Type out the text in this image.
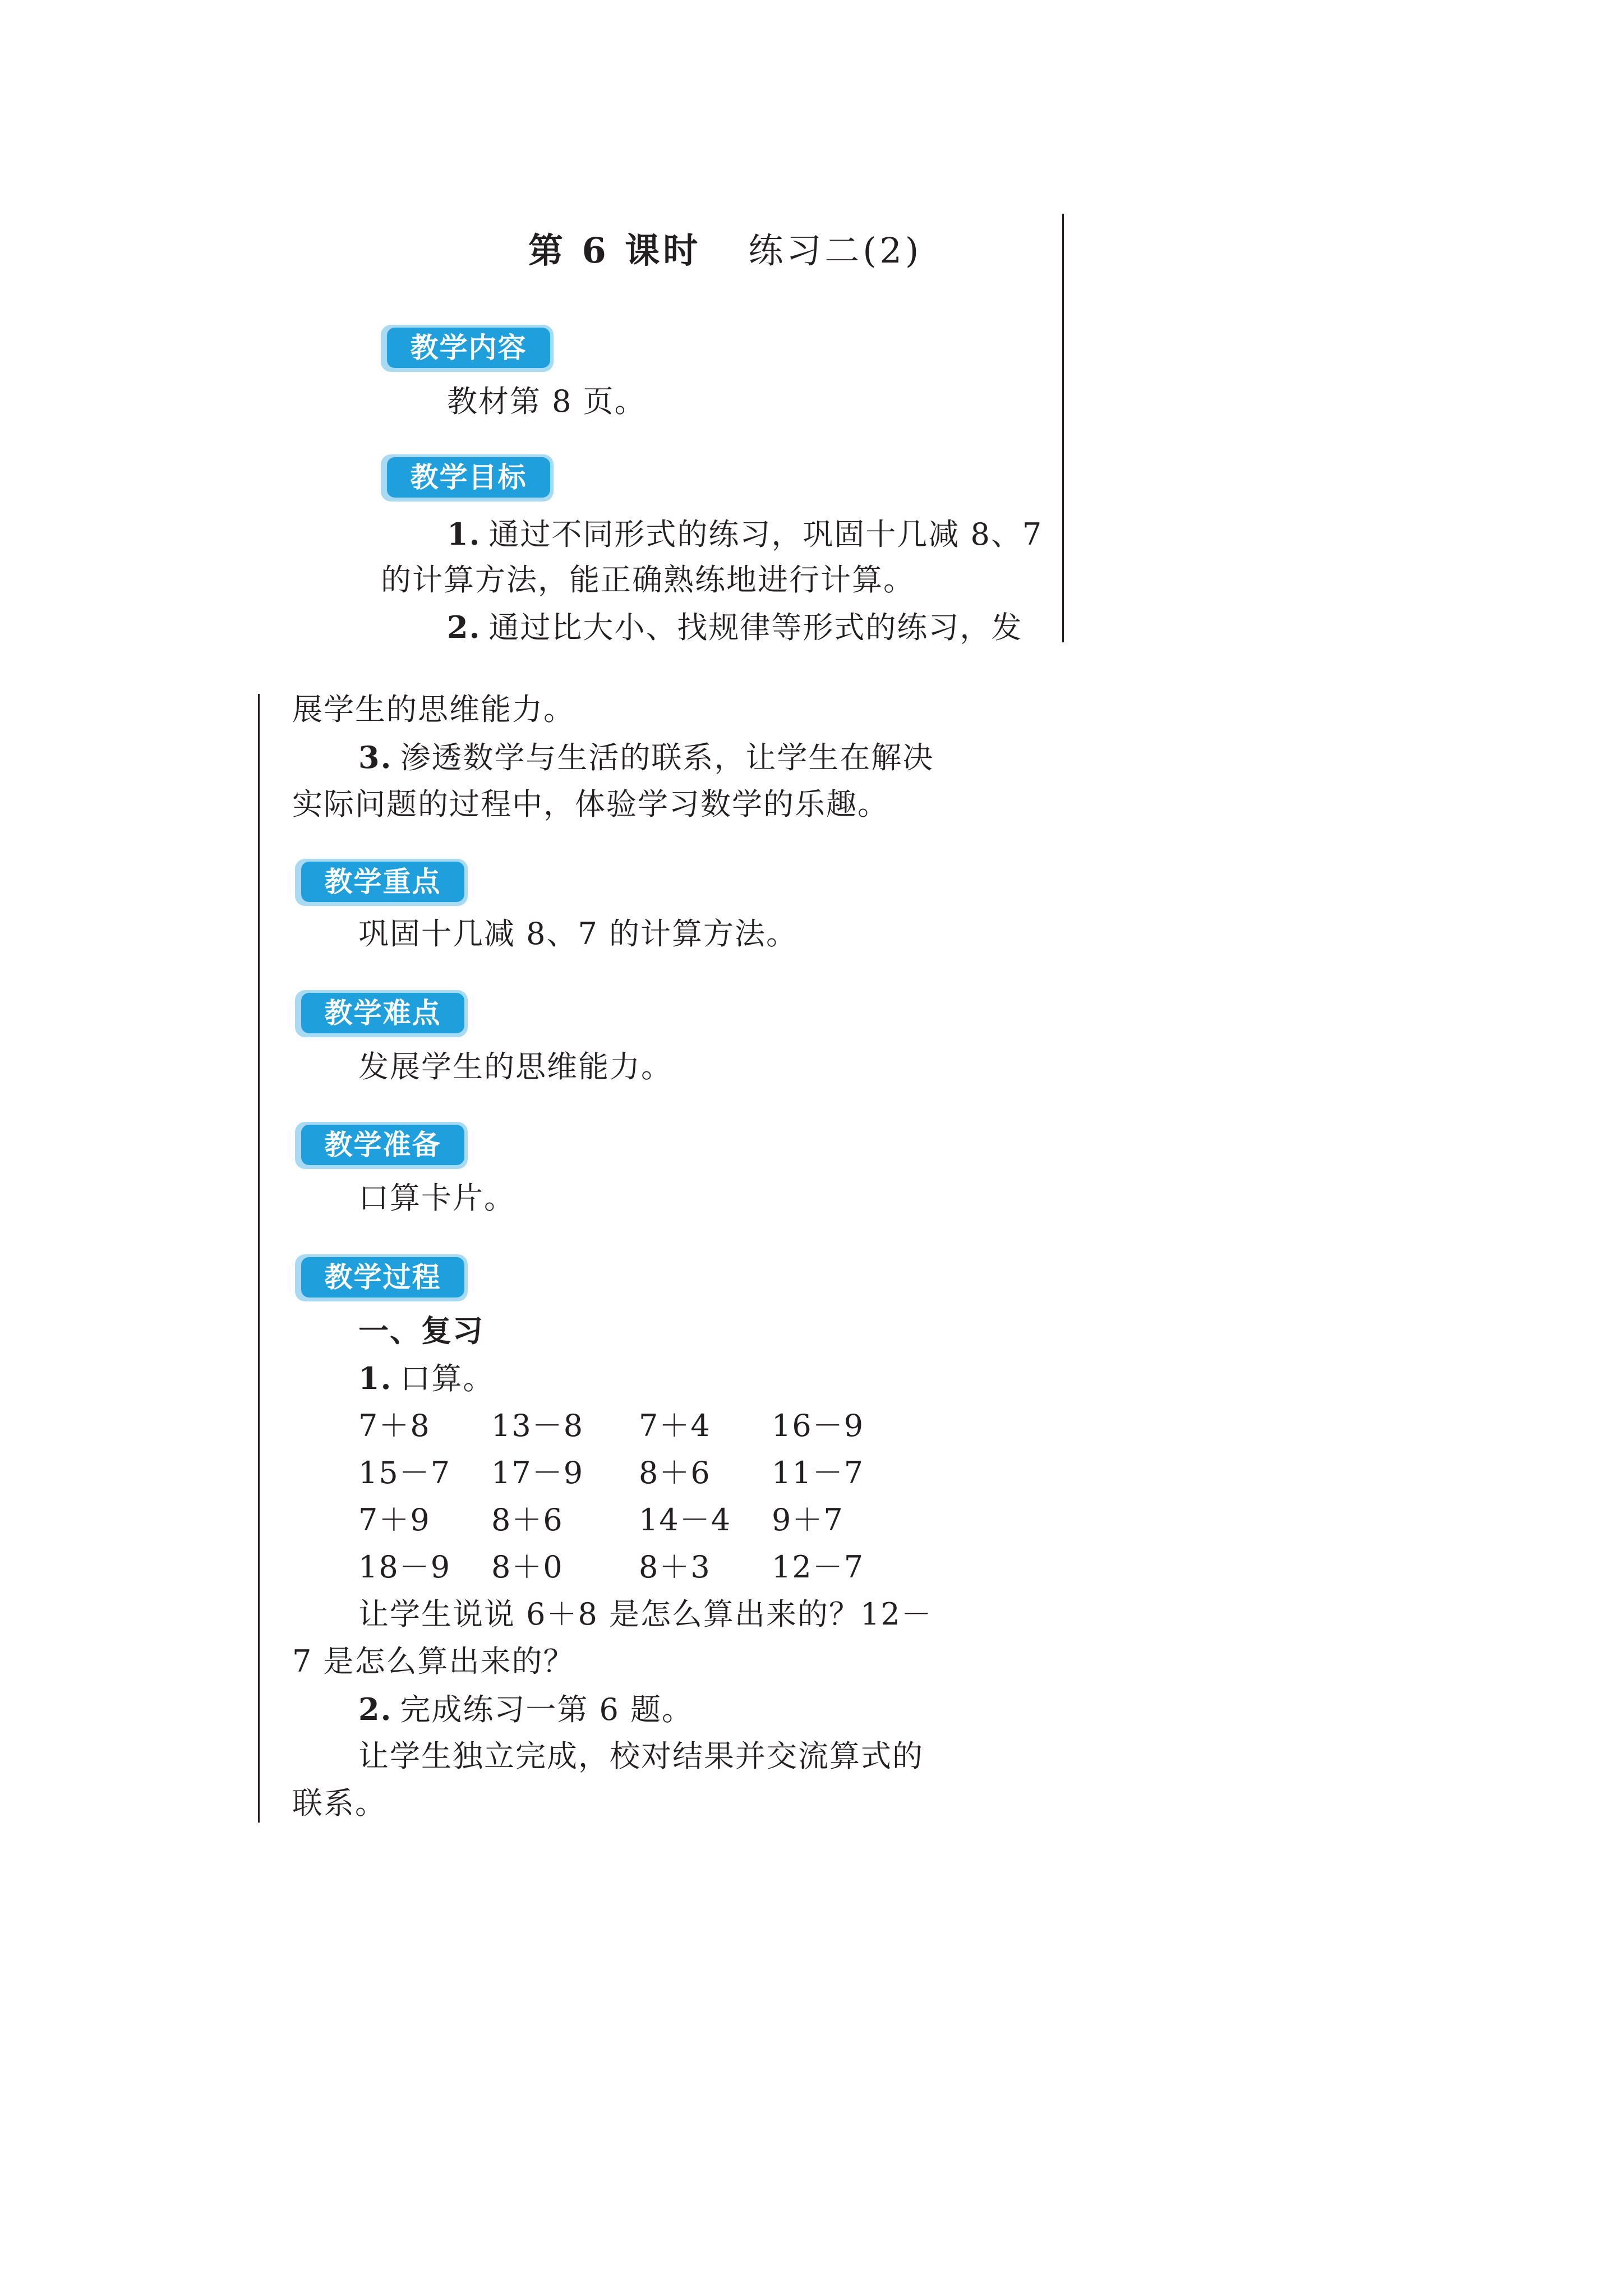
第 6 课时 练习二(2)
教学内容
教材第 8 页。
教学目标
1. 通过不同形式的练习，巩固十几减 8、7
的计算方法，能正确熟练地进行计算。
2. 通过比大小、找规律等形式的练习，发
展学生的思维能力。
3. 渗透数学与生活的联系，让学生在解决
实际问题的过程中，体验学习数学的乐趣。
教学重点
巩固十几减 8、7 的计算方法。
教学难点
发展学生的思维能力。
教学准备
口算卡片。
教学过程
一、复习
1. 口算。
7＋8 13－8 7＋4 16－9
15－7 17－9 8＋6 11－7
7＋9 8＋6 14－4 9＋7
18－9 8＋0 8＋3 12－7
让学生说说 6＋8 是怎么算出来的？12－
7 是怎么算出来的？
2. 完成练习一第 6 题。
让学生独立完成，校对结果并交流算式的
联系。
